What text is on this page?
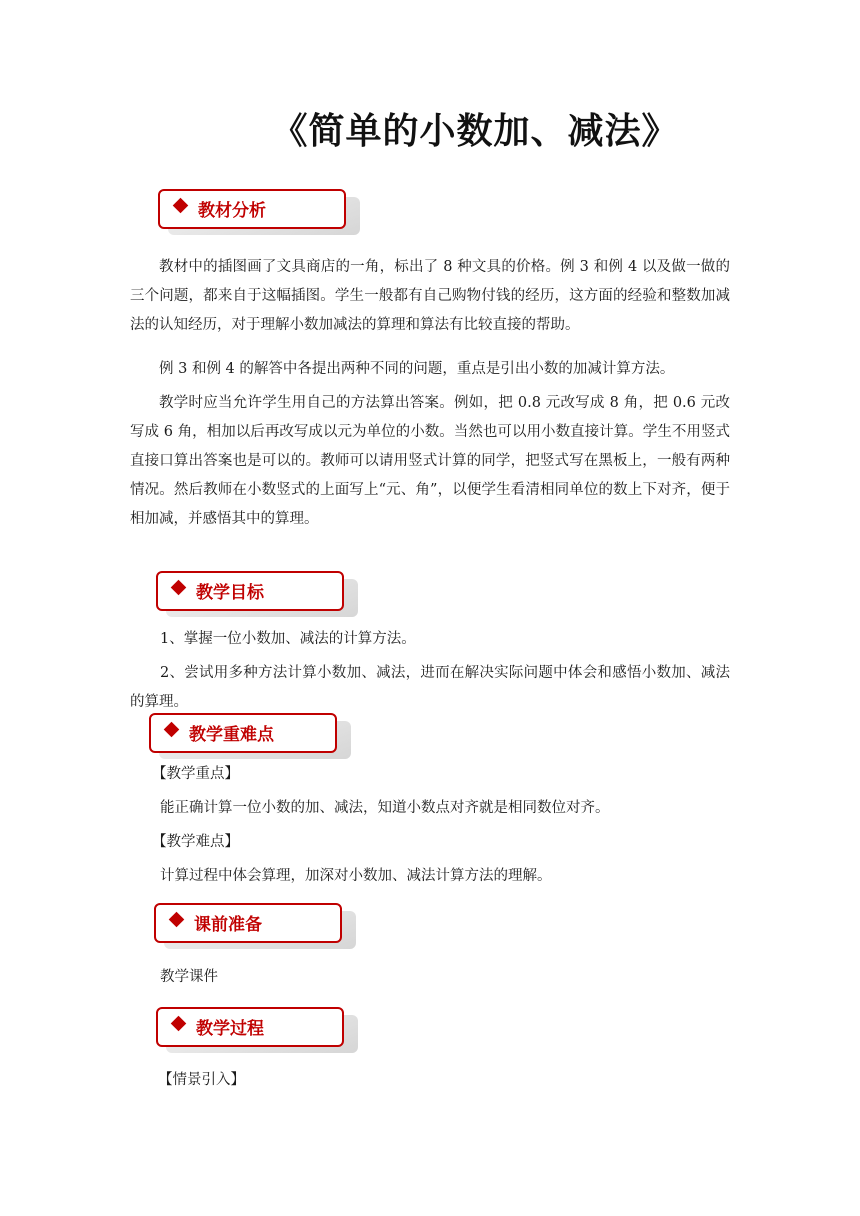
《简单的小数加、减法》
教材分析

教材中的插图画了文具商店的一角，标出了 8 种文具的价格。例 3 和例 4 以及做一做的三个问题，都来自于这幅插图。学生一般都有自己购物付钱的经历，这方面的经验和整数加减法的认知经历，对于理解小数加减法的算理和算法有比较直接的帮助。

例 3 和例 4 的解答中各提出两种不同的问题，重点是引出小数的加减计算方法。

教学时应当允许学生用自己的方法算出答案。例如，把 0.8 元改写成 8 角，把 0.6 元改写成 6 角，相加以后再改写成以元为单位的小数。当然也可以用小数直接计算。学生不用竖式直接口算出答案也是可以的。教师可以请用竖式计算的同学，把竖式写在黑板上，一般有两种情况。然后教师在小数竖式的上面写上“元、角”，以便学生看清相同单位的数上下对齐，便于相加减，并感悟其中的算理。

教学目标

1、掌握一位小数加、减法的计算方法。

2、尝试用多种方法计算小数加、减法，进而在解决实际问题中体会和感悟小数加、减法的算理。

教学重难点

【教学重点】

能正确计算一位小数的加、减法，知道小数点对齐就是相同数位对齐。

【教学难点】

计算过程中体会算理，加深对小数加、减法计算方法的理解。

课前准备

教学课件

教学过程

【情景引入】
